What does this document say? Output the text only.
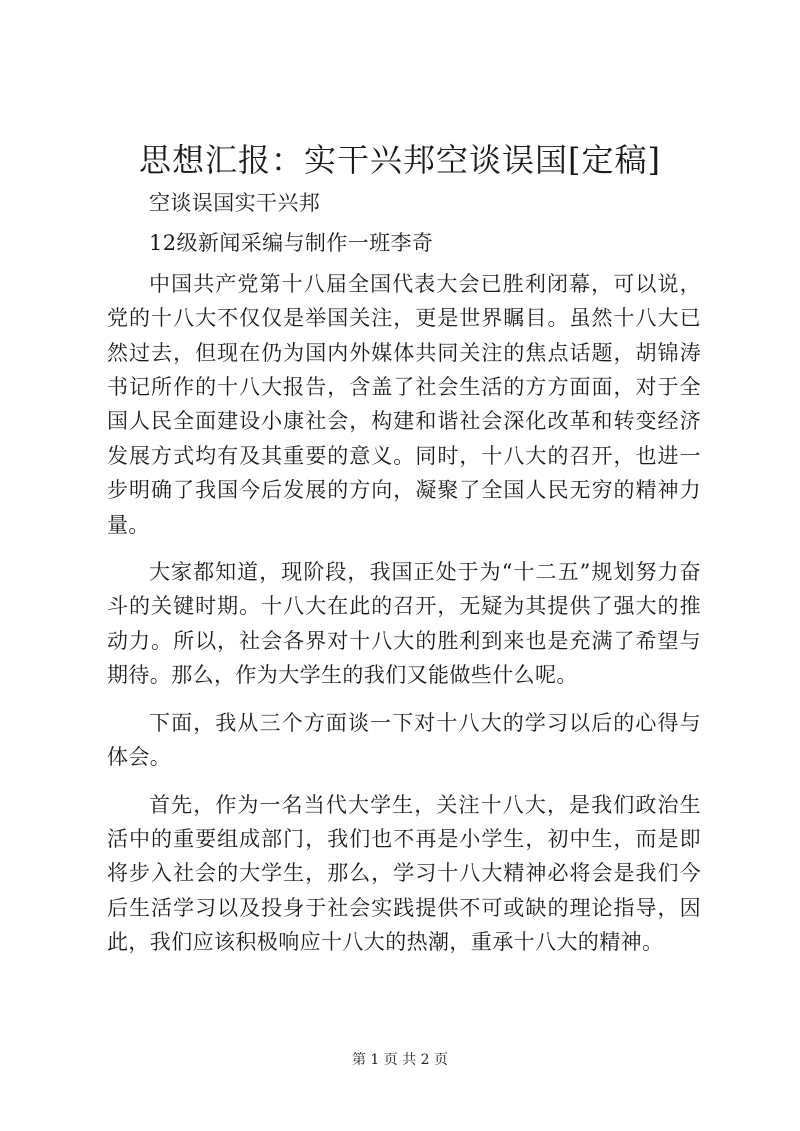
思想汇报：实干兴邦空谈误国[定稿]

空谈误国实干兴邦

12级新闻采编与制作一班李奇

中国共产党第十八届全国代表大会已胜利闭幕，可以说，党的十八大不仅仅是举国关注，更是世界瞩目。虽然十八大已然过去，但现在仍为国内外媒体共同关注的焦点话题，胡锦涛书记所作的十八大报告，含盖了社会生活的方方面面，对于全国人民全面建设小康社会，构建和谐社会深化改革和转变经济发展方式均有及其重要的意义。同时，十八大的召开，也进一步明确了我国今后发展的方向，凝聚了全国人民无穷的精神力量。

大家都知道，现阶段，我国正处于为“十二五”规划努力奋斗的关键时期。十八大在此的召开，无疑为其提供了强大的推动力。所以，社会各界对十八大的胜利到来也是充满了希望与期待。那么，作为大学生的我们又能做些什么呢。

下面，我从三个方面谈一下对十八大的学习以后的心得与体会。

首先，作为一名当代大学生，关注十八大，是我们政治生活中的重要组成部门，我们也不再是小学生，初中生，而是即将步入社会的大学生，那么，学习十八大精神必将会是我们今后生活学习以及投身于社会实践提供不可或缺的理论指导，因此，我们应该积极响应十八大的热潮，重承十八大的精神。

第 1 页 共 2 页
